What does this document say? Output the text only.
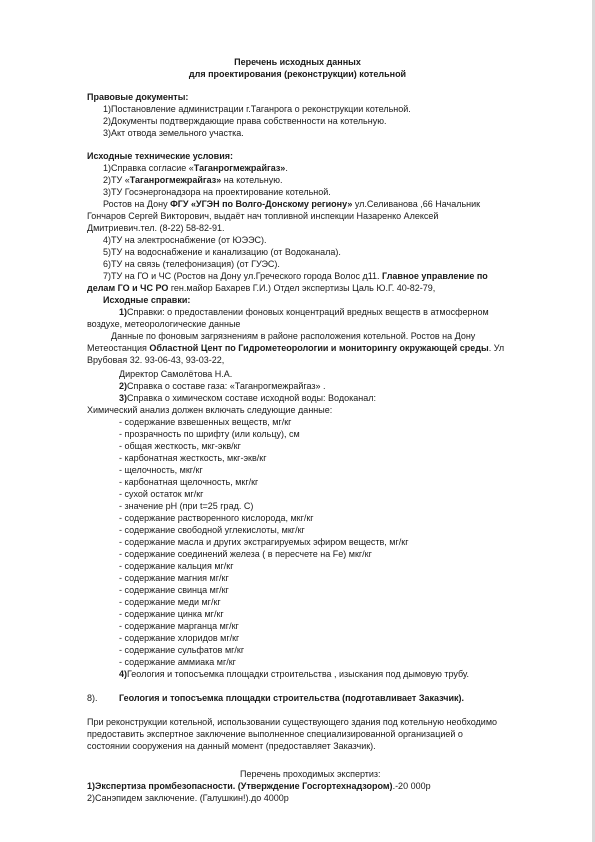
Перечень исходных данных
для проектирования (реконструкции) котельной
Правовые документы:
1)Постановление администрации г.Таганрога о реконструкции котельной.
2)Документы подтверждающие права собственности на котельную.
3)Акт отвода земельного участка.
Исходные технические условия:
1)Справка согласие «Таганрогмежрайгаз».
2)ТУ «Таганрогмежрайгаз» на котельную.
3)ТУ Госэнергонадзора на проектирование котельной.
Ростов на Дону ФГУ «УГЭН по Волго-Донскому региону» ул.Селиванова ,66 Начальник
Гончаров Сергей Викторович, выдаёт нач топливной инспекции Назаренко Алексей
Дмитриевич.тел. (8-22) 58-82-91.
4)ТУ на электроснабжение (от ЮЭЭС).
5)ТУ на водоснабжение и канализацию (от Водоканала).
6)ТУ на связь (телефонизация) (от ГУЭС).
7)ТУ на ГО и ЧС (Ростов на Дону ул.Греческого города Волос д11. Главное управление по
делам ГО и ЧС РО ген.майор Бахарев Г.И.) Отдел экспертизы Цаль Ю.Г. 40-82-79,
Исходные справки:
1)Справки: о предоставлении фоновых концентраций вредных веществ в атмосферном
воздухе, метеорологические данные
Данные по фоновым загрязнениям в районе расположения котельной. Ростов на Дону
Метеостанция Областной Цент по Гидрометеорологии и мониторингу окружающей среды. Ул
Врубовая 32. 93-06-43, 93-03-22,
Директор Самолётова Н.А.
2)Справка о составе газа: «Таганрогмежрайгаз» .
3)Справка о химическом составе исходной воды: Водоканал:
Химический анализ должен включать следующие данные:
- содержание взвешенных веществ, мг/кг
- прозрачность по шрифту (или кольцу), см
- общая жесткость, мкг-экв/кг
- карбонатная жесткость, мкг-экв/кг
- щелочность, мкг/кг
- карбонатная щелочность, мкг/кг
- сухой остаток мг/кг
- значение pH (при t=25 град. С)
- содержание растворенного кислорода, мкг/кг
- содержание свободной углекислоты, мкг/кг
- содержание масла и других экстрагируемых эфиром веществ, мг/кг
- содержание соединений железа ( в пересчете на Fe) мкг/кг
- содержание кальция мг/кг
- содержание магния мг/кг
- содержание свинца мг/кг
- содержание меди мг/кг
- содержание цинка мг/кг
- содержание марганца мг/кг
- содержание хлоридов мг/кг
- содержание сульфатов мг/кг
- содержание аммиака мг/кг
4)Геология и топосъемка площадки строительства , изыскания под дымовую трубу.
8). Геология и топосъемка площадки строительства (подготавливает Заказчик).
При реконструкции котельной, использовании существующего здания под котельную необходимо
предоставить экспертное заключение выполненное специализированной организацией о
состоянии сооружения на данный момент (предоставляет Заказчик).
Перечень проходимых экспертиз:
1)Экспертиза промбезопасности. (Утверждение Госгортехнадзором).-20 000р
2)Санэпидем заключение. (Галушкин!).до 4000р
